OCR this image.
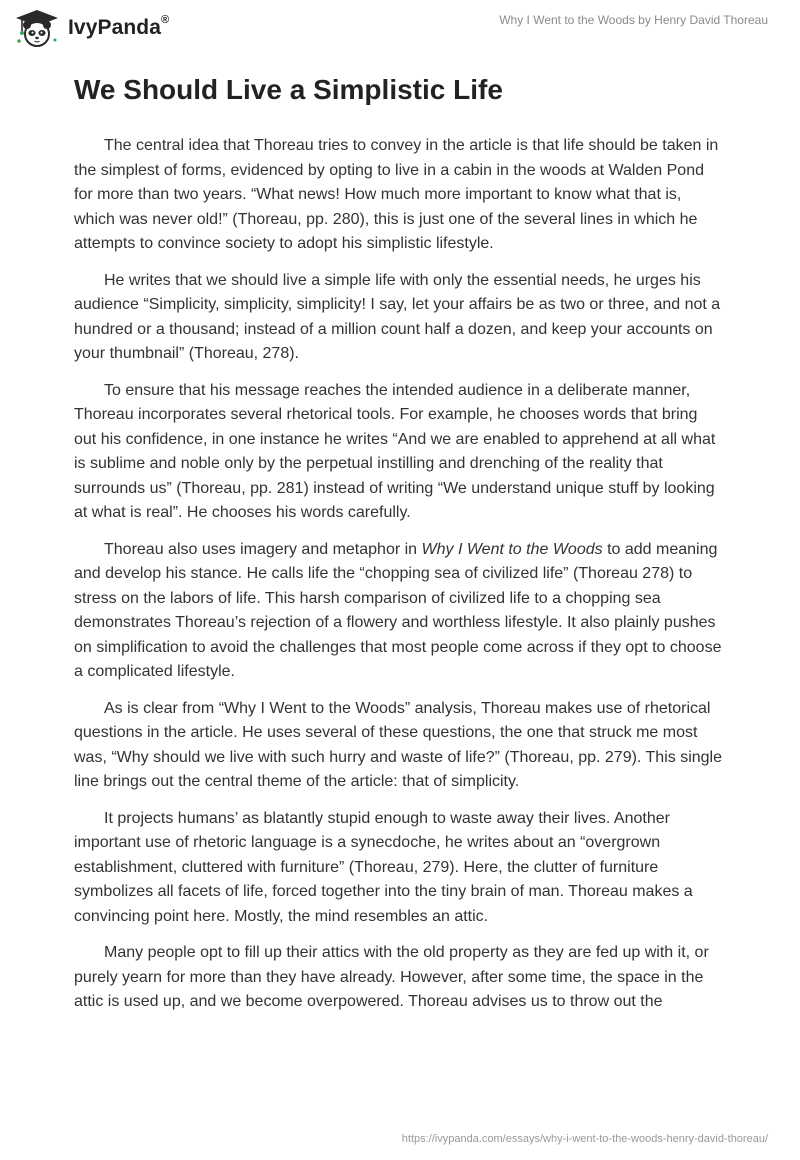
IvyPanda®	Why I Went to the Woods by Henry David Thoreau
We Should Live a Simplistic Life

The central idea that Thoreau tries to convey in the article is that life should be taken in the simplest of forms, evidenced by opting to live in a cabin in the woods at Walden Pond for more than two years. “What news! How much more important to know what that is, which was never old!” (Thoreau, pp. 280), this is just one of the several lines in which he attempts to convince society to adopt his simplistic lifestyle.

He writes that we should live a simple life with only the essential needs, he urges his audience “Simplicity, simplicity, simplicity! I say, let your affairs be as two or three, and not a hundred or a thousand; instead of a million count half a dozen, and keep your accounts on your thumbnail” (Thoreau, 278).

To ensure that his message reaches the intended audience in a deliberate manner, Thoreau incorporates several rhetorical tools. For example, he chooses words that bring out his confidence, in one instance he writes “And we are enabled to apprehend at all what is sublime and noble only by the perpetual instilling and drenching of the reality that surrounds us” (Thoreau, pp. 281) instead of writing “We understand unique stuff by looking at what is real”. He chooses his words carefully.

Thoreau also uses imagery and metaphor in Why I Went to the Woods to add meaning and develop his stance. He calls life the “chopping sea of civilized life” (Thoreau 278) to stress on the labors of life. This harsh comparison of civilized life to a chopping sea demonstrates Thoreau’s rejection of a flowery and worthless lifestyle. It also plainly pushes on simplification to avoid the challenges that most people come across if they opt to choose a complicated lifestyle.

As is clear from “Why I Went to the Woods” analysis, Thoreau makes use of rhetorical questions in the article. He uses several of these questions, the one that struck me most was, “Why should we live with such hurry and waste of life?” (Thoreau, pp. 279). This single line brings out the central theme of the article: that of simplicity.

It projects humans’ as blatantly stupid enough to waste away their lives. Another important use of rhetoric language is a synecdoche, he writes about an “overgrown establishment, cluttered with furniture” (Thoreau, 279). Here, the clutter of furniture symbolizes all facets of life, forced together into the tiny brain of man. Thoreau makes a convincing point here. Mostly, the mind resembles an attic.

Many people opt to fill up their attics with the old property as they are fed up with it, or purely yearn for more than they have already. However, after some time, the space in the attic is used up, and we become overpowered. Thoreau advises us to throw out the

https://ivypanda.com/essays/why-i-went-to-the-woods-henry-david-thoreau/
